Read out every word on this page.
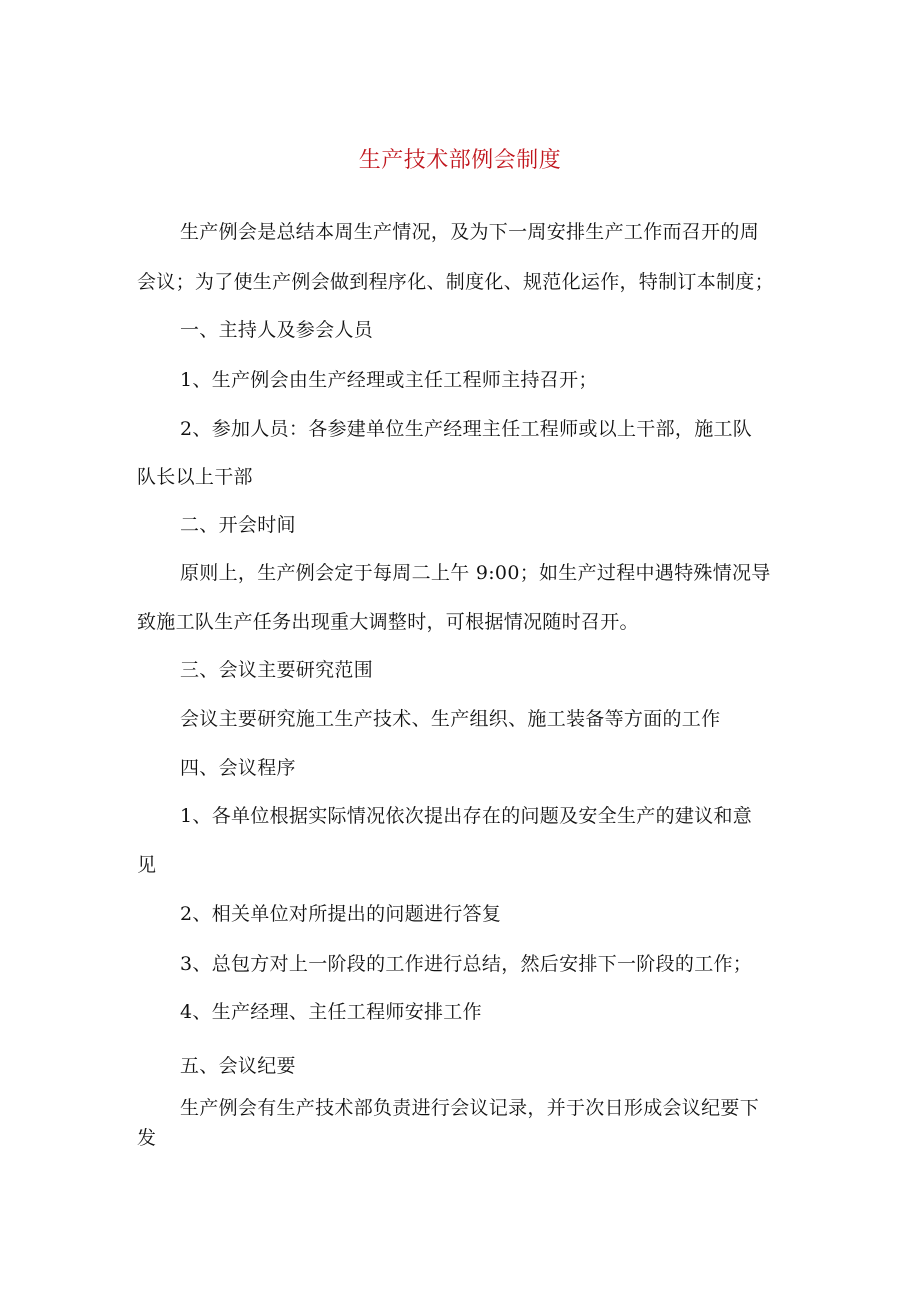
生产技术部例会制度
生产例会是总结本周生产情况，及为下一周安排生产工作而召开的周
会议；为了使生产例会做到程序化、制度化、规范化运作，特制订本制度；
一、主持人及参会人员
1、生产例会由生产经理或主任工程师主持召开；
2、参加人员：各参建单位生产经理主任工程师或以上干部，施工队
队长以上干部
二、开会时间
原则上，生产例会定于每周二上午 9:00；如生产过程中遇特殊情况导
致施工队生产任务出现重大调整时，可根据情况随时召开。
三、会议主要研究范围
会议主要研究施工生产技术、生产组织、施工装备等方面的工作
四、会议程序
1、各单位根据实际情况依次提出存在的问题及安全生产的建议和意
见
2、相关单位对所提出的问题进行答复
3、总包方对上一阶段的工作进行总结，然后安排下一阶段的工作；
4、生产经理、主任工程师安排工作
五、会议纪要
生产例会有生产技术部负责进行会议记录，并于次日形成会议纪要下
发
